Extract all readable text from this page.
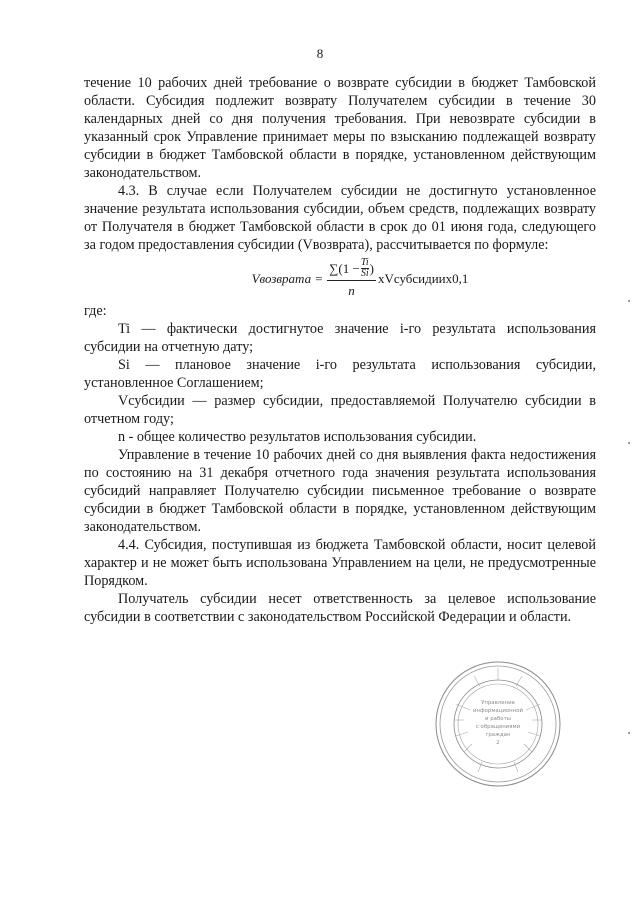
8

течение 10 рабочих дней требование о возврате субсидии в бюджет Тамбовской области. Субсидия подлежит возврату Получателем субсидии в течение 30 календарных дней со дня получения требования. При невозврате субсидии в указанный срок Управление принимает меры по взысканию подлежащей возврату субсидии в бюджет Тамбовской области в порядке, установленном действующим законодательством.

4.3. В случае если Получателем субсидии не достигнуто установленное значение результата использования субсидии, объем средств, подлежащих возврату от Получателя в бюджет Тамбовской области в срок до 01 июня года, следующего за годом предоставления субсидии (Vвозврата), рассчитывается по формуле:

Vвозврата = $\frac{\sum(1 - \frac{Ti}{Si} )}{n}$ xVсубсидииx0,1

где:

Ti — фактически достигнутое значение i-го результата использования субсидии на отчетную дату;

Si — плановое значение i-го результата использования субсидии, установленное Соглашением;

Vсубсидии — размер субсидии, предоставляемой Получателю субсидии в отчетном году;

n - общее количество результатов использования субсидии.

Управление в течение 10 рабочих дней со дня выявления факта недостижения по состоянию на 31 декабря отчетного года значения результата использования субсидий направляет Получателю субсидии письменное требование о возврате субсидии в бюджет Тамбовской области в порядке, установленном действующим законодательством.

4.4. Субсидия, поступившая из бюджета Тамбовской области, носит целевой характер и не может быть использована Управлением на цели, не предусмотренные Порядком.

Получатель субсидии несет ответственность за целевое использование субсидии в соответствии с законодательством Российской Федерации и области.

Управление
информационной
и работы
с обращениями
граждан
2
